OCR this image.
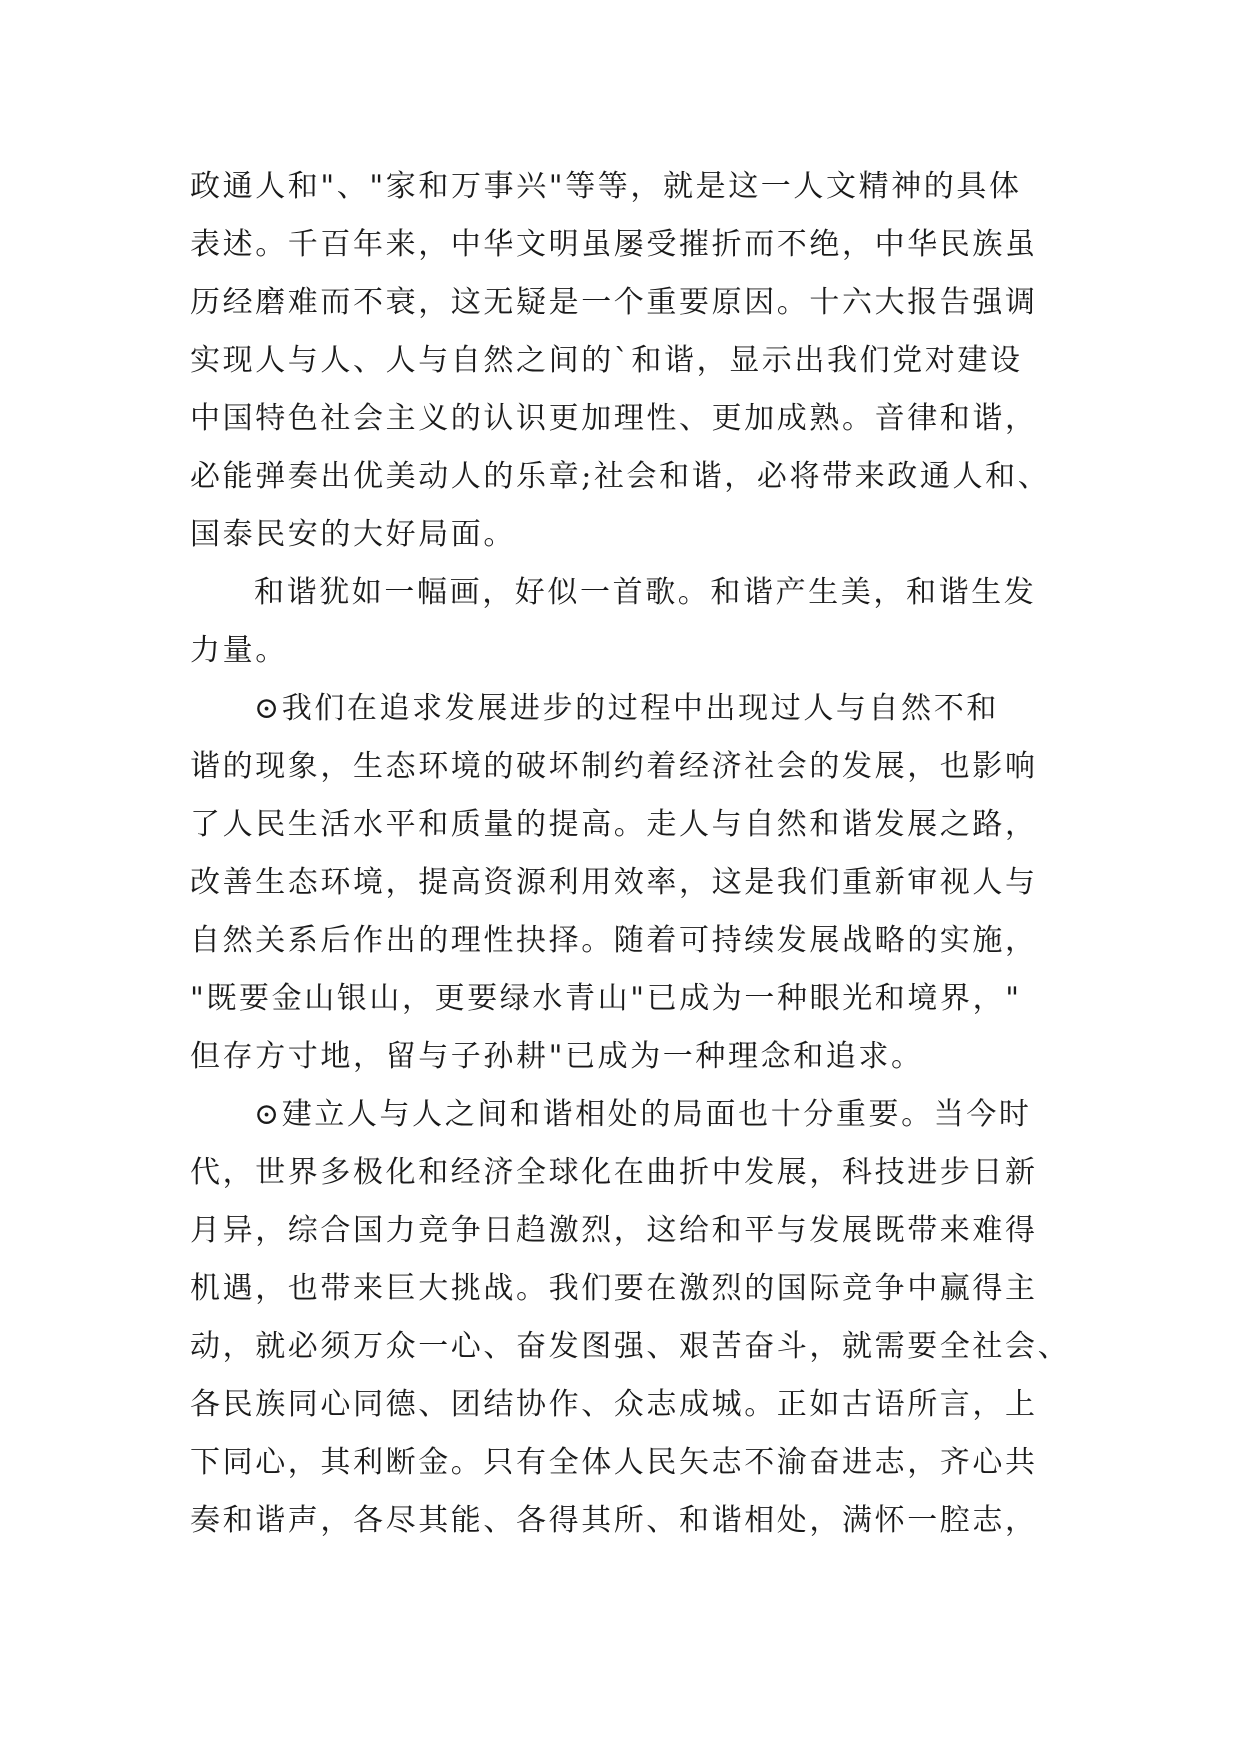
政通人和"、"家和万事兴"等等，就是这一人文精神的具体
表述。千百年来，中华文明虽屡受摧折而不绝，中华民族虽
历经磨难而不衰，这无疑是一个重要原因。十六大报告强调
实现人与人、人与自然之间的`和谐，显示出我们党对建设
中国特色社会主义的认识更加理性、更加成熟。音律和谐，
必能弹奏出优美动人的乐章;社会和谐，必将带来政通人和、
国泰民安的大好局面。
和谐犹如一幅画，好似一首歌。和谐产生美，和谐生发
力量。
⊙我们在追求发展进步的过程中出现过人与自然不和
谐的现象，生态环境的破坏制约着经济社会的发展，也影响
了人民生活水平和质量的提高。走人与自然和谐发展之路，
改善生态环境，提高资源利用效率，这是我们重新审视人与
自然关系后作出的理性抉择。随着可持续发展战略的实施，
"既要金山银山，更要绿水青山"已成为一种眼光和境界，"
但存方寸地，留与子孙耕"已成为一种理念和追求。
⊙建立人与人之间和谐相处的局面也十分重要。当今时
代，世界多极化和经济全球化在曲折中发展，科技进步日新
月异，综合国力竞争日趋激烈，这给和平与发展既带来难得
机遇，也带来巨大挑战。我们要在激烈的国际竞争中赢得主
动，就必须万众一心、奋发图强、艰苦奋斗，就需要全社会、
各民族同心同德、团结协作、众志成城。正如古语所言，上
下同心，其利断金。只有全体人民矢志不渝奋进志，齐心共
奏和谐声，各尽其能、各得其所、和谐相处，满怀一腔志，
